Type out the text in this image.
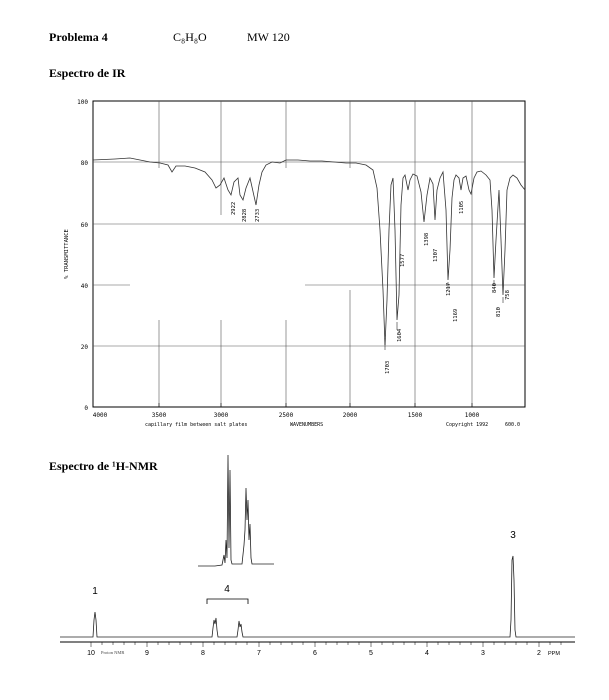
Problema 4	C₈H₈O	MW 120
Espectro de IR
Espectro de ¹H-NMR
100
80
60
40
20
0
% TRANSMITTANCE
4000	3500	3000	2500	2000	1500	1000
capillary film between salt plates	WAVENUMBERS	Copyright 1992	600.0
2922
2828 2733
1703
1604
1577
1398
1307
1217
1169
1105
840
810
758
1	4
3
10	9	8	7	6	5	4	3	2 PPM
Proton NMR
